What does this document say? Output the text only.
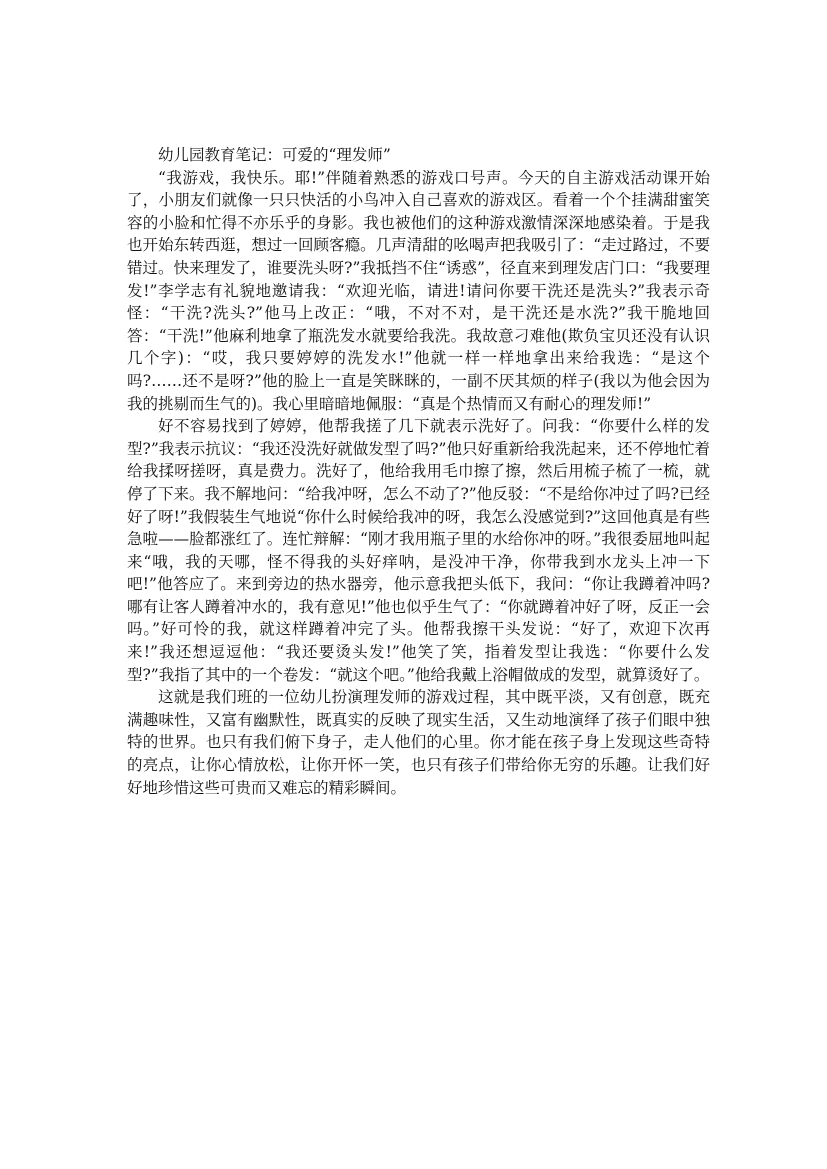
幼儿园教育笔记：可爱的“理发师”

“我游戏，我快乐。耶!”伴随着熟悉的游戏口号声。今天的自主游戏活动课开始了，小朋友们就像一只只快活的小鸟冲入自己喜欢的游戏区。看着一个个挂满甜蜜笑容的小脸和忙得不亦乐乎的身影。我也被他们的这种游戏激情深深地感染着。于是我也开始东转西逛，想过一回顾客瘾。几声清甜的吆喝声把我吸引了：“走过路过，不要错过。快来理发了，谁要洗头呀?”我抵挡不住“诱惑”，径直来到理发店门口：“我要理发!”李学志有礼貌地邀请我：“欢迎光临，请进!请问你要干洗还是洗头?”我表示奇怪：“干洗?洗头?”他马上改正：“哦，不对不对，是干洗还是水洗?”我干脆地回答：“干洗!”他麻利地拿了瓶洗发水就要给我洗。我故意刁难他(欺负宝贝还没有认识几个字)：“哎，我只要婷婷的洗发水!”他就一样一样地拿出来给我选：“是这个吗?……还不是呀?”他的脸上一直是笑眯眯的，一副不厌其烦的样子(我以为他会因为我的挑剔而生气的)。我心里暗暗地佩服：“真是个热情而又有耐心的理发师!”

好不容易找到了婷婷，他帮我搓了几下就表示洗好了。问我：“你要什么样的发型?”我表示抗议：“我还没洗好就做发型了吗?”他只好重新给我洗起来，还不停地忙着给我揉呀搓呀，真是费力。洗好了，他给我用毛巾擦了擦，然后用梳子梳了一梳，就停了下来。我不解地问：“给我冲呀，怎么不动了?”他反驳：“不是给你冲过了吗?已经好了呀!”我假装生气地说“你什么时候给我冲的呀，我怎么没感觉到?”这回他真是有些急啦——脸都涨红了。连忙辩解：“刚才我用瓶子里的水给你冲的呀。”我很委屈地叫起来“哦，我的天哪，怪不得我的头好痒呐，是没冲干净，你带我到水龙头上冲一下吧!”他答应了。来到旁边的热水器旁，他示意我把头低下，我问：“你让我蹲着冲吗?哪有让客人蹲着冲水的，我有意见!”他也似乎生气了：“你就蹲着冲好了呀，反正一会吗。”好可怜的我，就这样蹲着冲完了头。他帮我擦干头发说：“好了，欢迎下次再来!”我还想逗逗他：“我还要烫头发!”他笑了笑，指着发型让我选：“你要什么发型?”我指了其中的一个卷发：“就这个吧。”他给我戴上浴帽做成的发型，就算烫好了。

这就是我们班的一位幼儿扮演理发师的游戏过程，其中既平淡，又有创意，既充满趣味性，又富有幽默性，既真实的反映了现实生活，又生动地演绎了孩子们眼中独特的世界。也只有我们俯下身子，走人他们的心里。你才能在孩子身上发现这些奇特的亮点，让你心情放松，让你开怀一笑，也只有孩子们带给你无穷的乐趣。让我们好好地珍惜这些可贵而又难忘的精彩瞬间。
